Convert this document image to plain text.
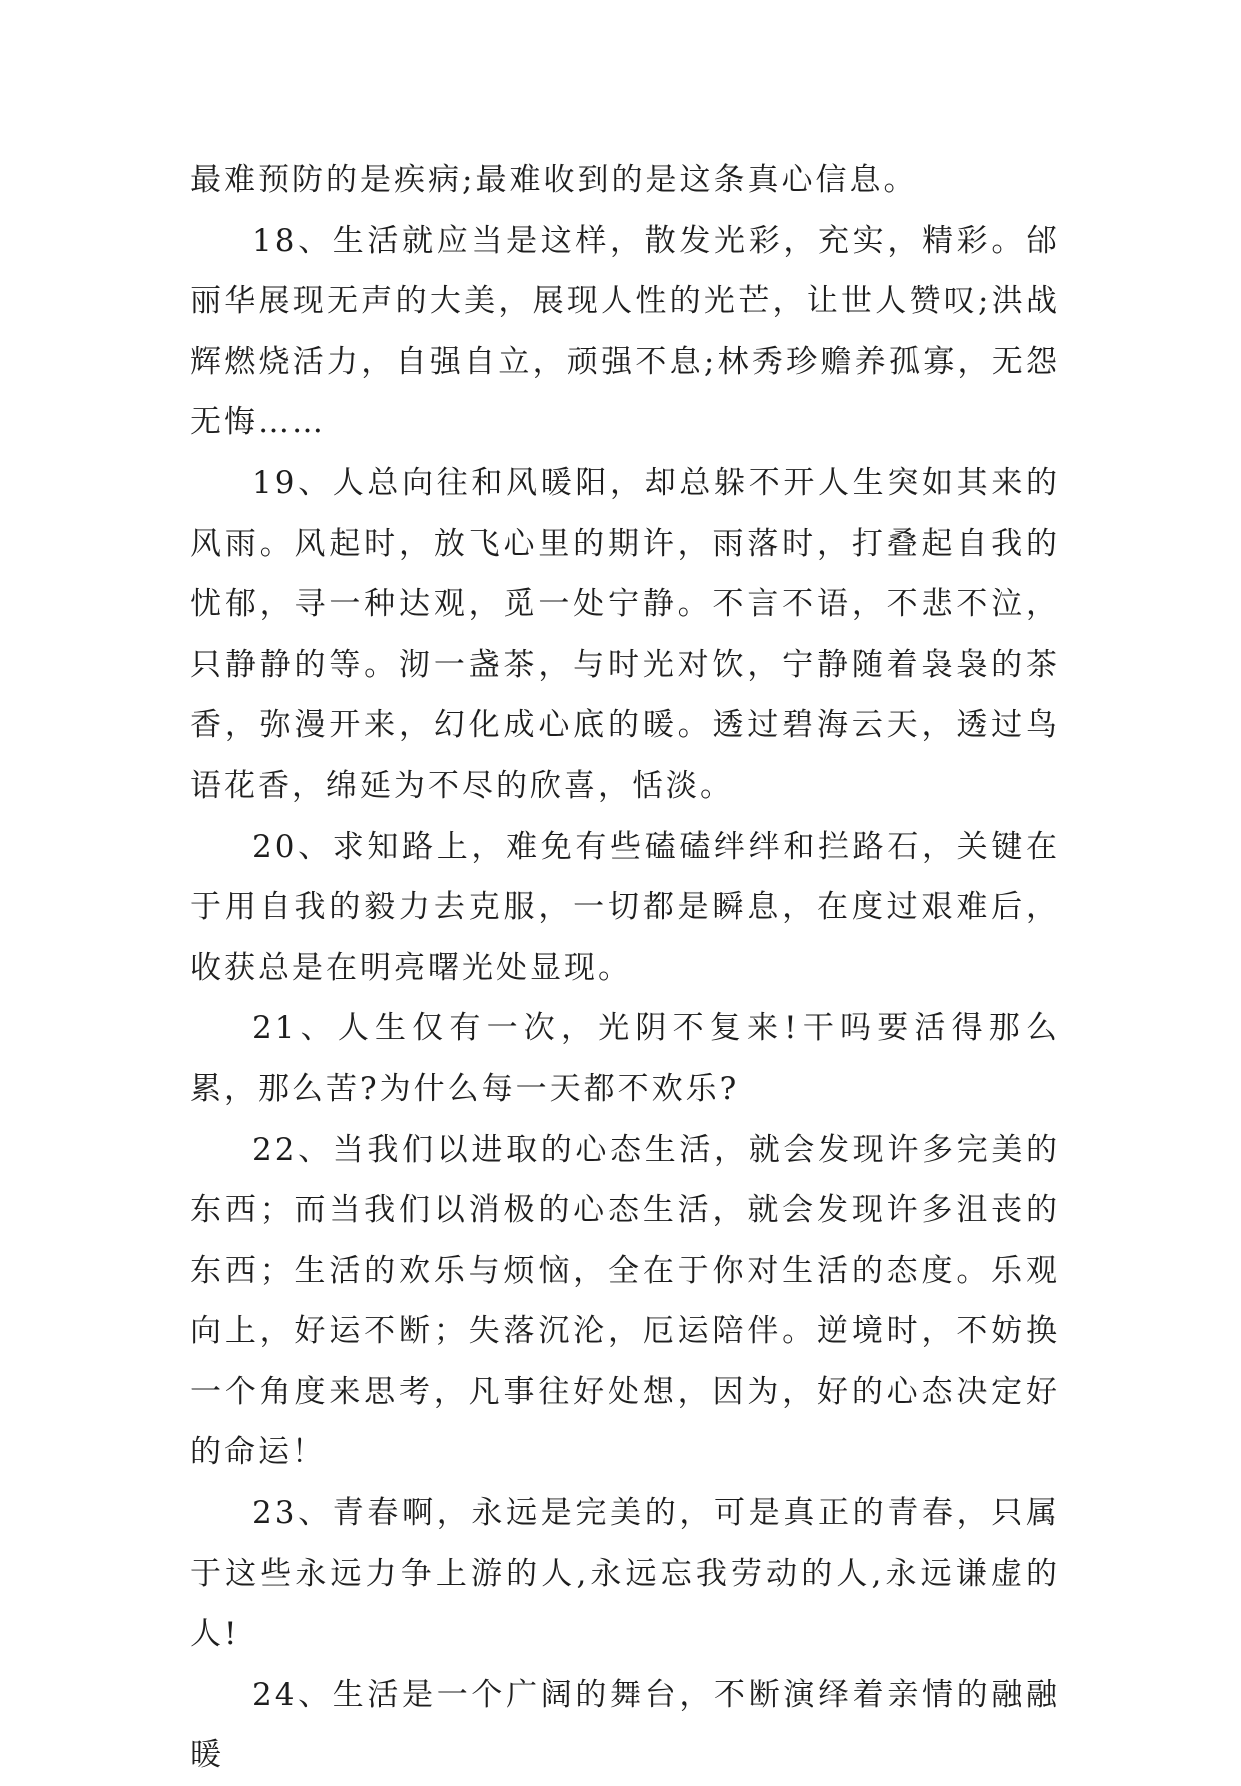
最难预防的是疾病;最难收到的是这条真心信息。

18、生活就应当是这样，散发光彩，充实，精彩。邰丽华展现无声的大美，展现人性的光芒，让世人赞叹;洪战辉燃烧活力，自强自立，顽强不息;林秀珍赡养孤寡，无怨无悔……

19、人总向往和风暖阳，却总躲不开人生突如其来的风雨。风起时，放飞心里的期许，雨落时，打叠起自我的忧郁，寻一种达观，觅一处宁静。不言不语，不悲不泣，只静静的等。沏一盏茶，与时光对饮，宁静随着袅袅的茶香，弥漫开来，幻化成心底的暖。透过碧海云天，透过鸟语花香，绵延为不尽的欣喜，恬淡。

20、求知路上，难免有些磕磕绊绊和拦路石，关键在于用自我的毅力去克服，一切都是瞬息，在度过艰难后，收获总是在明亮曙光处显现。

21、人生仅有一次，光阴不复来!干吗要活得那么累，那么苦?为什么每一天都不欢乐?

22、当我们以进取的心态生活，就会发现许多完美的东西；而当我们以消极的心态生活，就会发现许多沮丧的东西；生活的欢乐与烦恼，全在于你对生活的态度。乐观向上，好运不断；失落沉沦，厄运陪伴。逆境时，不妨换一个角度来思考，凡事往好处想，因为，好的心态决定好的命运！

23、青春啊，永远是完美的，可是真正的青春，只属于这些永远力争上游的人,永远忘我劳动的人,永远谦虚的人!

24、生活是一个广阔的舞台，不断演绎着亲情的融融暖
